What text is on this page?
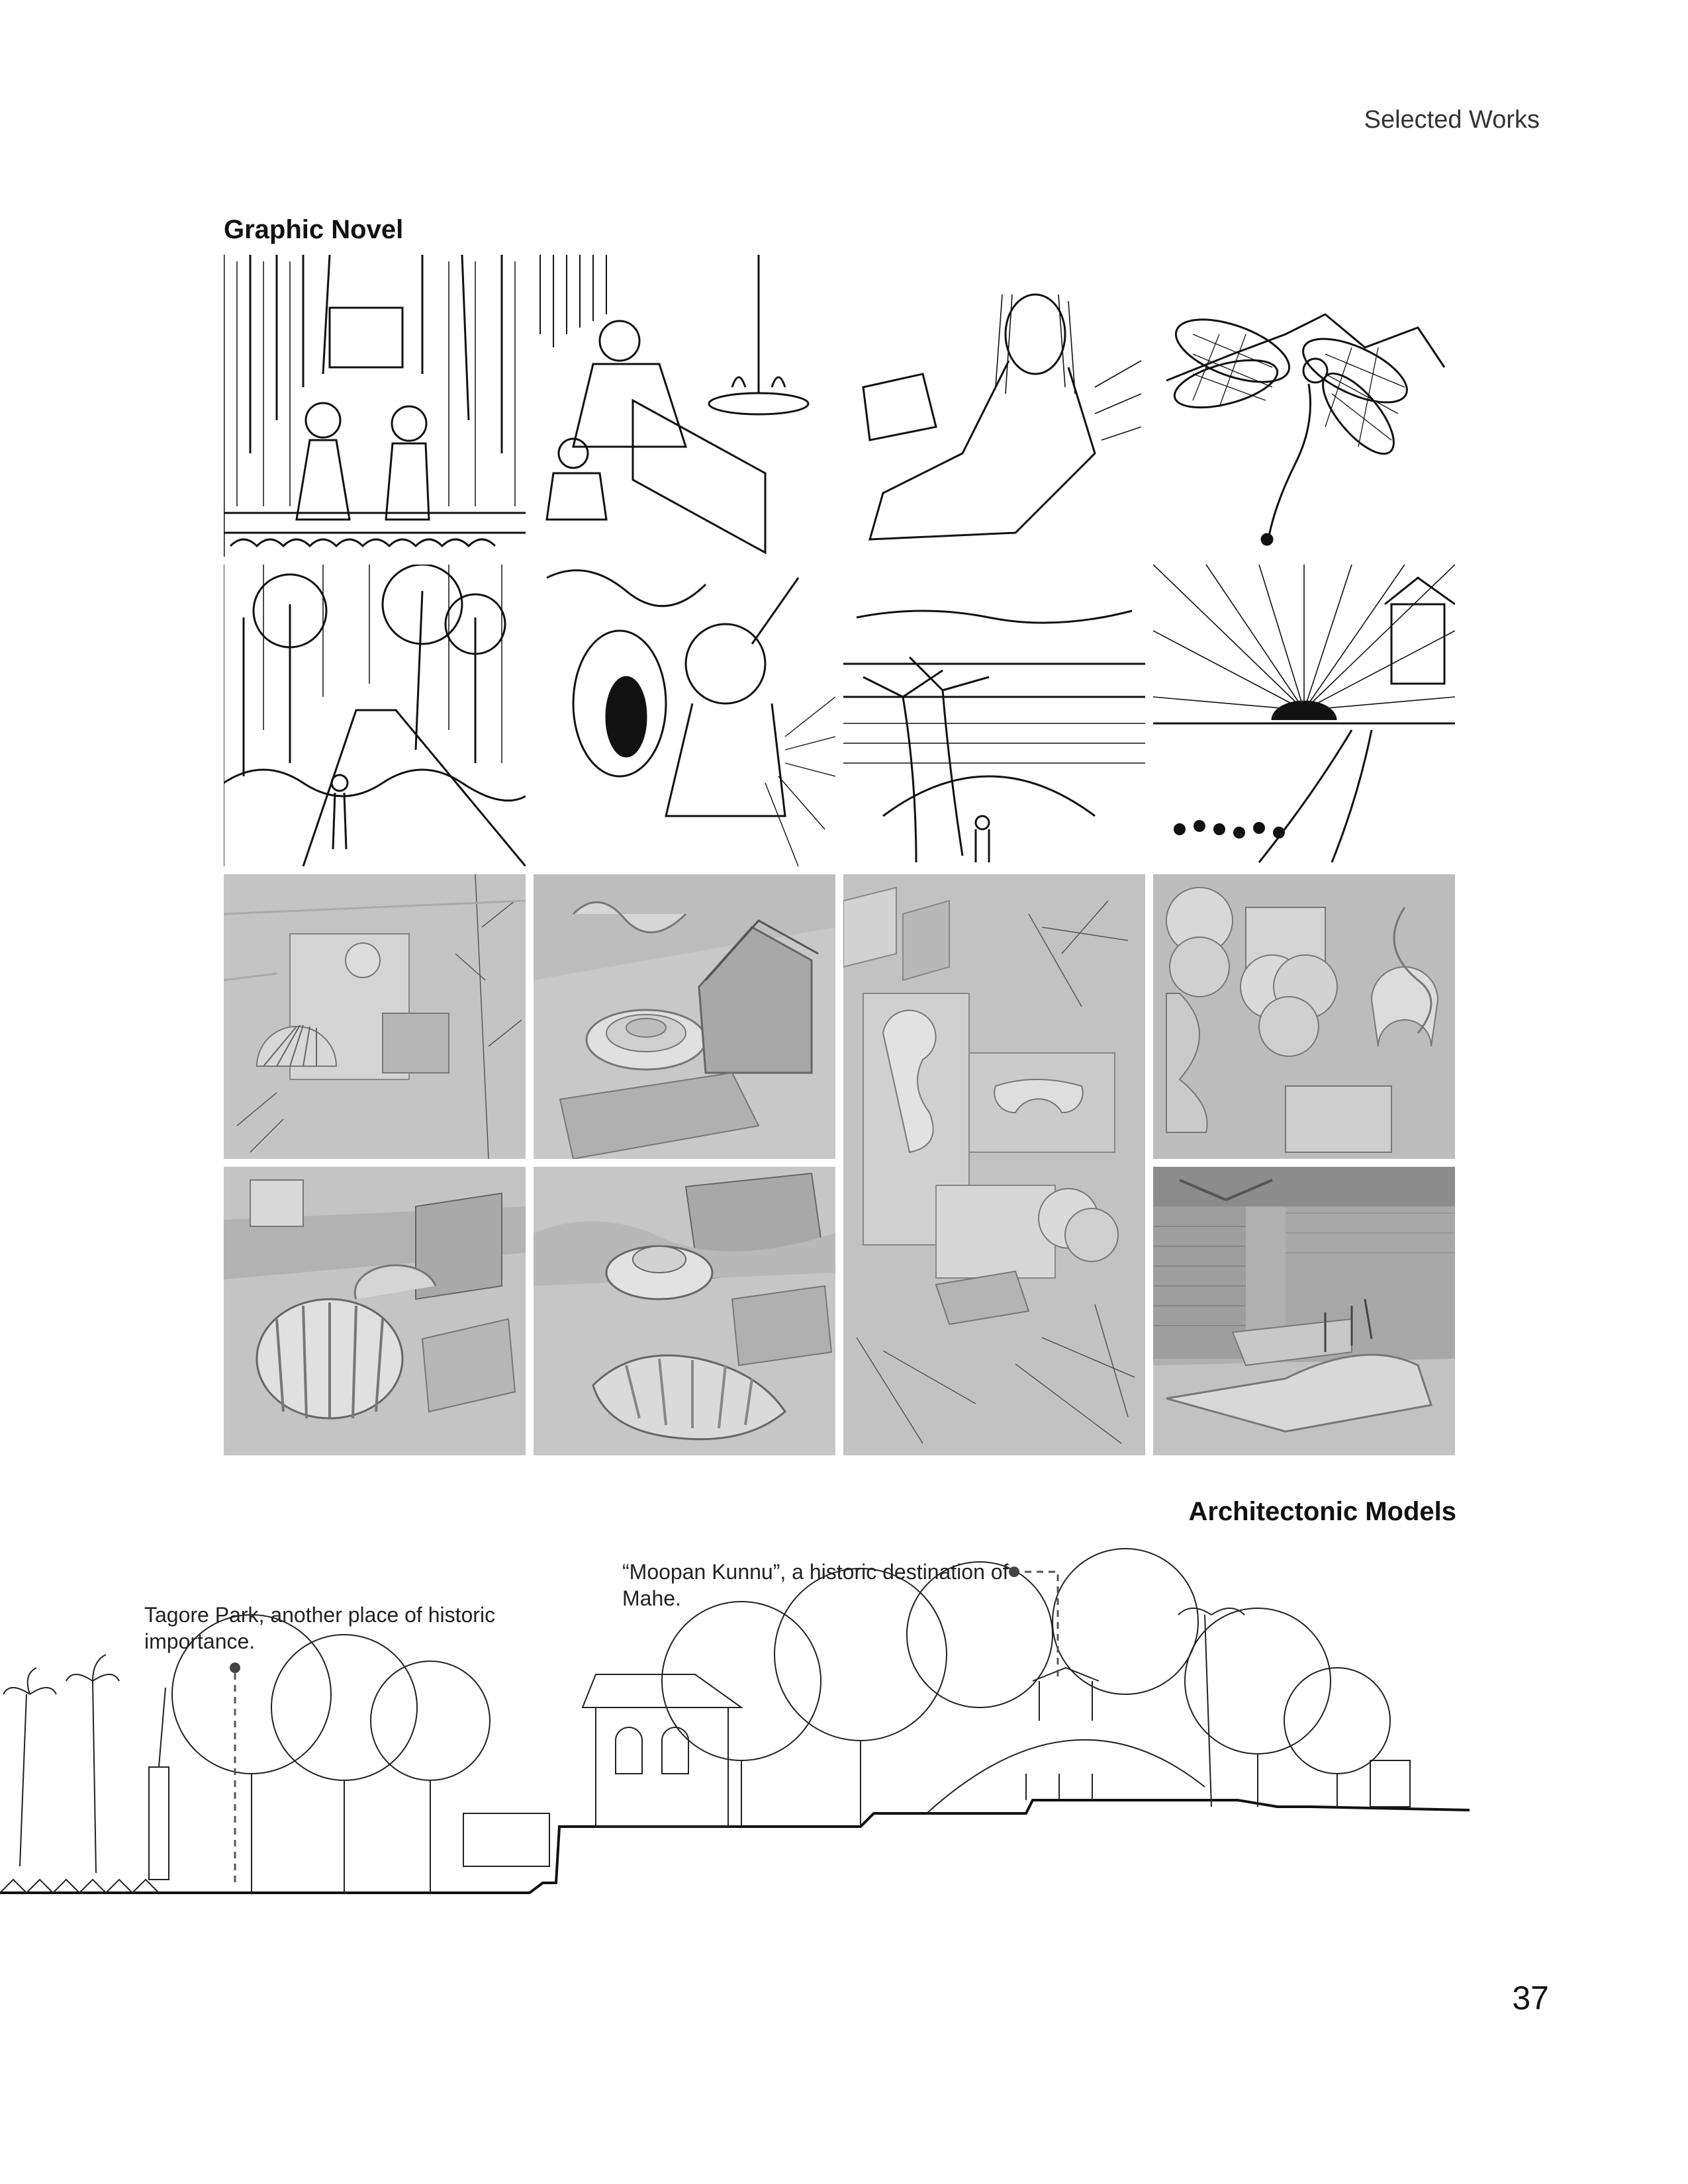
Selected Works
Graphic Novel
Architectonic Models
Tagore Park, another place of historic importance.
“Moopan Kunnu”, a historic destination of Mahe.
37
